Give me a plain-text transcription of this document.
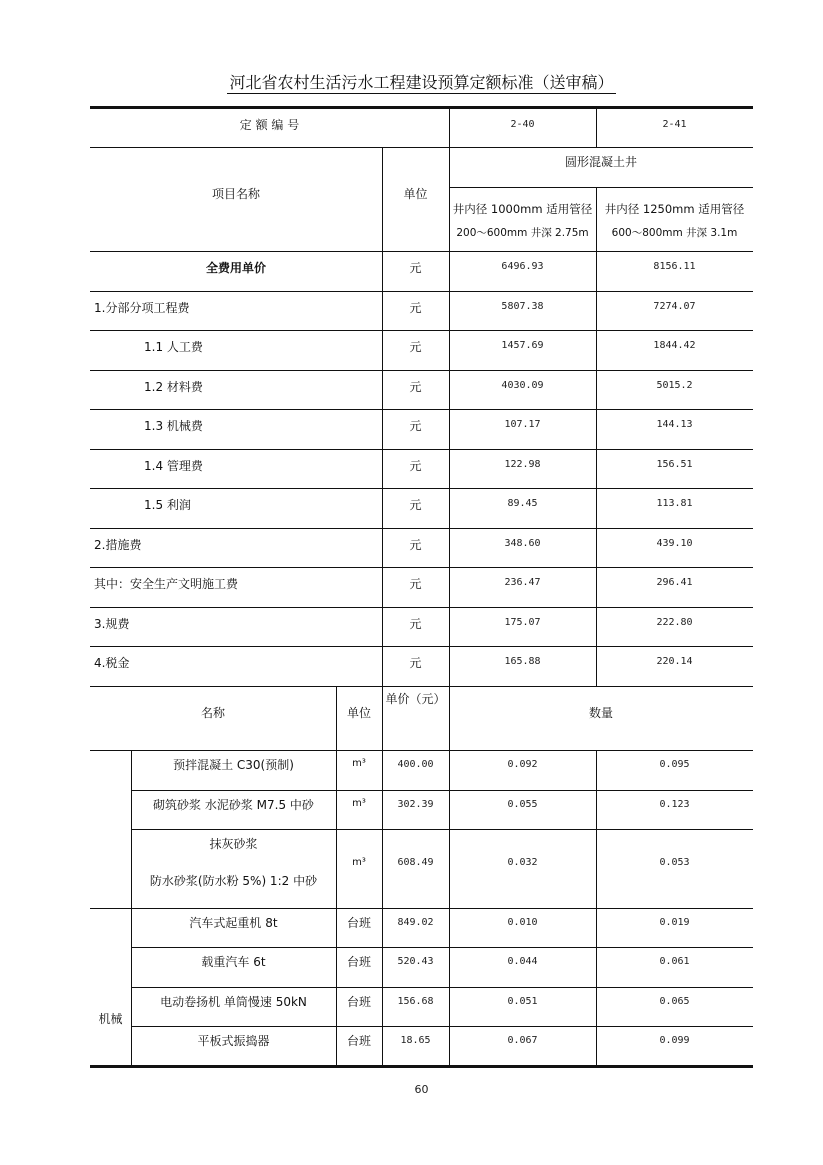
河北省农村生活污水工程建设预算定额标准（送审稿）
定 额 编 号	2-40	2-41
项目名称	单位
圆形混凝土井
井内径 1000mm 适用管径
200～600mm 井深 2.75m
井内径 1250mm 适用管径
600～800mm 井深 3.1m
全费用单价	元	6496.93	8156.11
1.分部分项工程费	元	5807.38	7274.07
1.1 人工费	元	1457.69	1844.42
1.2 材料费	元	4030.09	5015.2
1.3 机械费	元	107.17	144.13
1.4 管理费	元	122.98	156.51
1.5 利润	元	89.45	113.81
2.措施费	元	348.60	439.10
其中：安全生产文明施工费	元	236.47	296.41
3.规费	元	175.07	222.80
4.税金	元	165.88	220.14
名称	单位
单价（元）
数量
预拌混凝土 C30(预制)	m³	400.00	0.092	0.095
砌筑砂浆 水泥砂浆 M7.5 中砂	m³	302.39	0.055	0.123
抹灰砂浆
防水砂浆(防水粉 5%) 1:2 中砂
m³	608.49	0.032	0.053
机械
汽车式起重机 8t	台班	849.02	0.010	0.019
载重汽车 6t	台班	520.43	0.044	0.061
电动卷扬机 单筒慢速 50kN	台班	156.68	0.051	0.065
平板式振捣器	台班	18.65	0.067	0.099
60
